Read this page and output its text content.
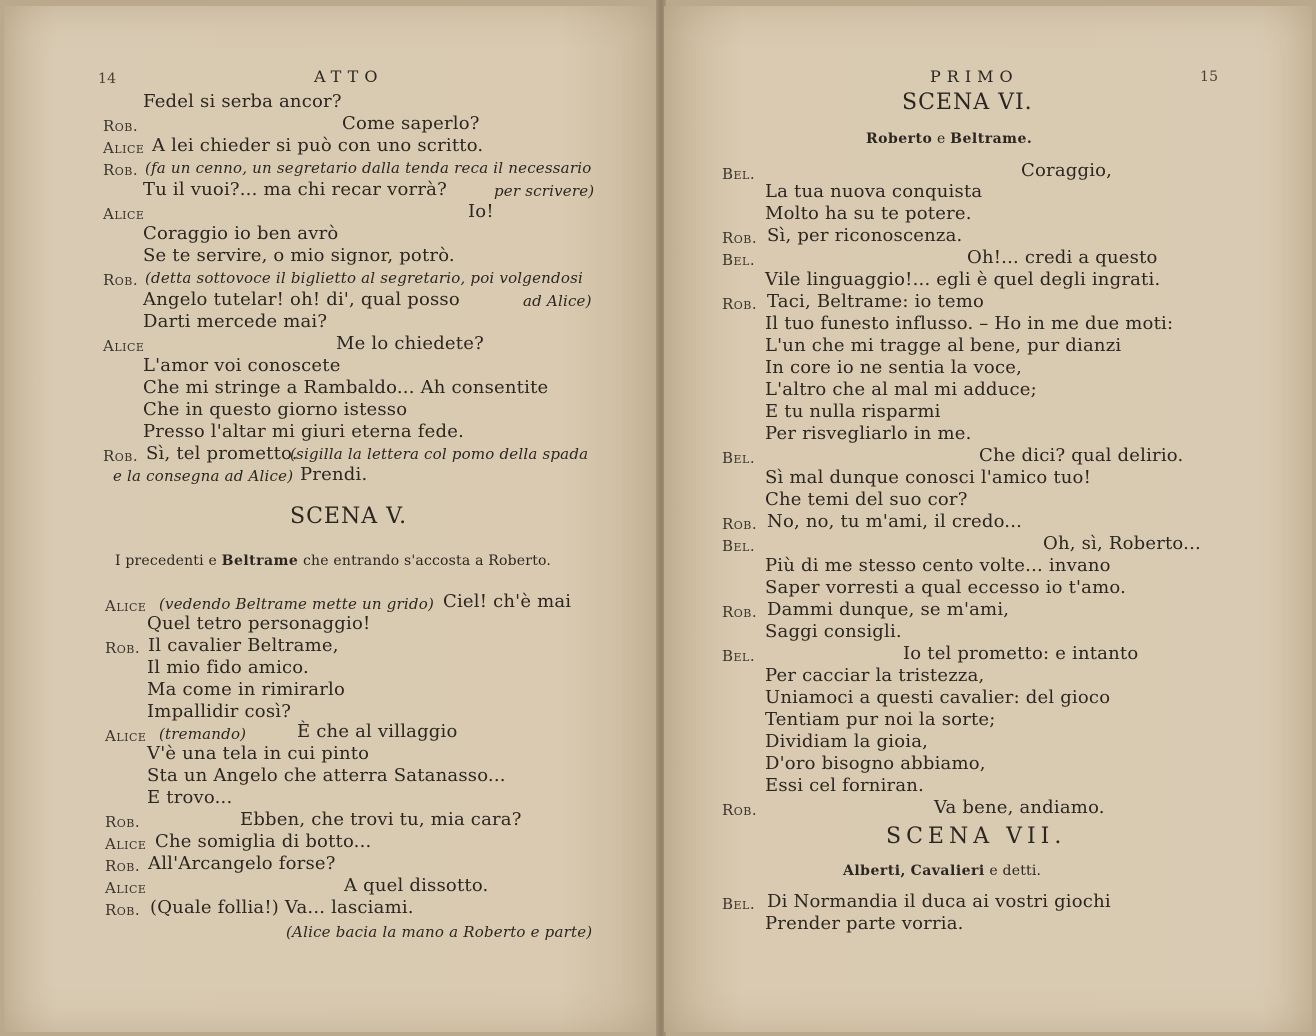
14	ATTO
Fedel si serba ancor?
Rob.	Come saperlo?
Alice A lei chieder si può con uno scritto.
Rob. (fa un cenno, un segretario dalla tenda reca il necessario
Tu il vuoi?... ma chi recar vorrà?	per scrivere)
Alice	Io!
Coraggio io ben avrò
Se te servire, o mio signor, potrò.
Rob. (detta sottovoce il biglietto al segretario, poi volgendosi
Angelo tutelar! oh! di', qual posso	ad Alice)
Darti mercede mai?
Alice	Me lo chiedete?
L'amor voi conoscete
Che mi stringe a Rambaldo... Ah consentite
Che in questo giorno istesso
Presso l'altar mi giuri eterna fede.
Rob. Sì, tel prometto.
(sigilla la lettera col pomo della spada
e la consegna ad Alice) Prendi.
SCENA V.
I precedenti e Beltrame che entrando s'accosta a Roberto.
Alice (vedendo Beltrame mette un grido) Ciel! ch'è mai
Quel tetro personaggio!
Rob. Il cavalier Beltrame,
Il mio fido amico.
Ma come in rimirarlo
Impallidir così?
Alice (tremando)	È che al villaggio
V'è una tela in cui pinto
Sta un Angelo che atterra Satanasso...
E trovo...
Rob.	Ebben, che trovi tu, mia cara?
Alice Che somiglia di botto...
Rob. All'Arcangelo forse?
Alice	A quel dissotto.
Rob. (Quale follia!) Va... lasciami.
(Alice bacia la mano a Roberto e parte)
PRIMO	15
SCENA VI.
Roberto e Beltrame.
Bel.	Coraggio,
La tua nuova conquista
Molto ha su te potere.
Rob. Sì, per riconoscenza.
Bel.	Oh!... credi a questo
Vile linguaggio!... egli è quel degli ingrati.
Rob. Taci, Beltrame: io temo
Il tuo funesto influsso. – Ho in me due moti:
L'un che mi tragge al bene, pur dianzi
In core io ne sentia la voce,
L'altro che al mal mi adduce;
E tu nulla risparmi
Per risvegliarlo in me.
Bel.	Che dici? qual delirio.
Sì mal dunque conosci l'amico tuo!
Che temi del suo cor?
Rob. No, no, tu m'ami, il credo...
Bel.	Oh, sì, Roberto...
Più di me stesso cento volte... invano
Saper vorresti a qual eccesso io t'amo.
Rob. Dammi dunque, se m'ami,
Saggi consigli.
Bel.	Io tel prometto: e intanto
Per cacciar la tristezza,
Uniamoci a questi cavalier: del gioco
Tentiam pur noi la sorte;
Dividiam la gioia,
D'oro bisogno abbiamo,
Essi cel forniran.
Rob.	Va bene, andiamo.
SCENA VII.
Alberti, Cavalieri e detti.
Bel. Di Normandia il duca ai vostri giochi
Prender parte vorria.
